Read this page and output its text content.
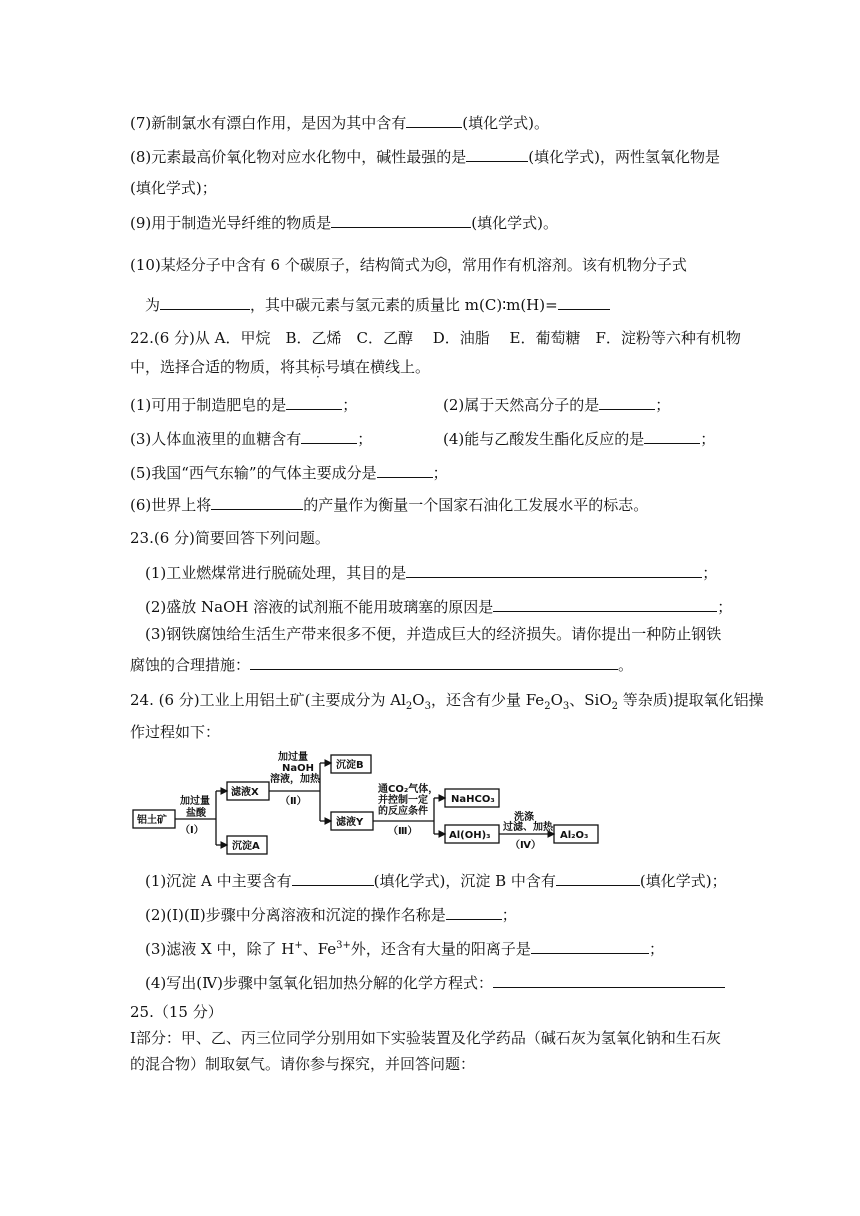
(7)新制氯水有漂白作用，是因为其中含有	(填化学式)。
(8)元素最高价氧化物对应水化物中，碱性最强的是	(填化学式)，两性氢氧化物是
(填化学式)；
(9)用于制造光导纤维的物质是	(填化学式)。
(10)某烃分子中含有 6 个碳原子，结构简式为 ，常用作有机溶剂。该有机物分子式
为	，其中碳元素与氢元素的质量比 m(C)∶m(H)=
22.(6 分)从 A．甲烷　B．乙烯　C．乙醇　 D．油脂　 E．葡萄糖　F．淀粉等六种有机物
中，选择合适的物质，将其标号填在横线上。
(1)可用于制造肥皂的是	；	(2)属于天然高分子的是	；
(3)人体血液里的血糖含有	；	(4)能与乙酸发生酯化反应的是	；
(5)我国“西气东输”的气体主要成分是	；
(6)世界上将	的产量作为衡量一个国家石油化工发展水平的标志。
23.(6 分)简要回答下列问题。
(1)工业燃煤常进行脱硫处理，其目的是	；
(2)盛放 NaOH 溶液的试剂瓶不能用玻璃塞的原因是	；
(3)钢铁腐蚀给生活生产带来很多不便，并造成巨大的经济损失。请你提出一种防止钢铁
腐蚀的合理措施：	。
24. (6 分)工业上用铝土矿(主要成分为 $Al_2O_3$，还含有少量 $Fe_2O_3$、SiO$_2$ 等杂质)提取氧化铝操
作过程如下：
铝土矿
加过量
盐酸
（Ⅰ）
滤液X
沉淀A
加过量
NaOH
溶液，加热
（Ⅱ）
沉淀B
滤液Y
通CO₂气体，
并控制一定
的反应条件
（Ⅲ）
NaHCO₃
Al(OH)₃
洗涤
过滤、加热
（Ⅳ）
Al₂O₃
(1)沉淀 A 中主要含有	(填化学式)，沉淀 B 中含有	(填化学式)；
(2)(Ⅰ)(Ⅱ)步骤中分离溶液和沉淀的操作名称是	；
(3)滤液 X 中，除了 H+、$Fe^{3+}$外，还含有大量的阳离子是	；
(4)写出(Ⅳ)步骤中氢氧化铝加热分解的化学方程式：
25.（15 分）
Ⅰ部分：甲、乙、丙三位同学分别用如下实验装置及化学药品（碱石灰为氢氧化钠和生石灰
的混合物）制取氨气。请你参与探究，并回答问题：
